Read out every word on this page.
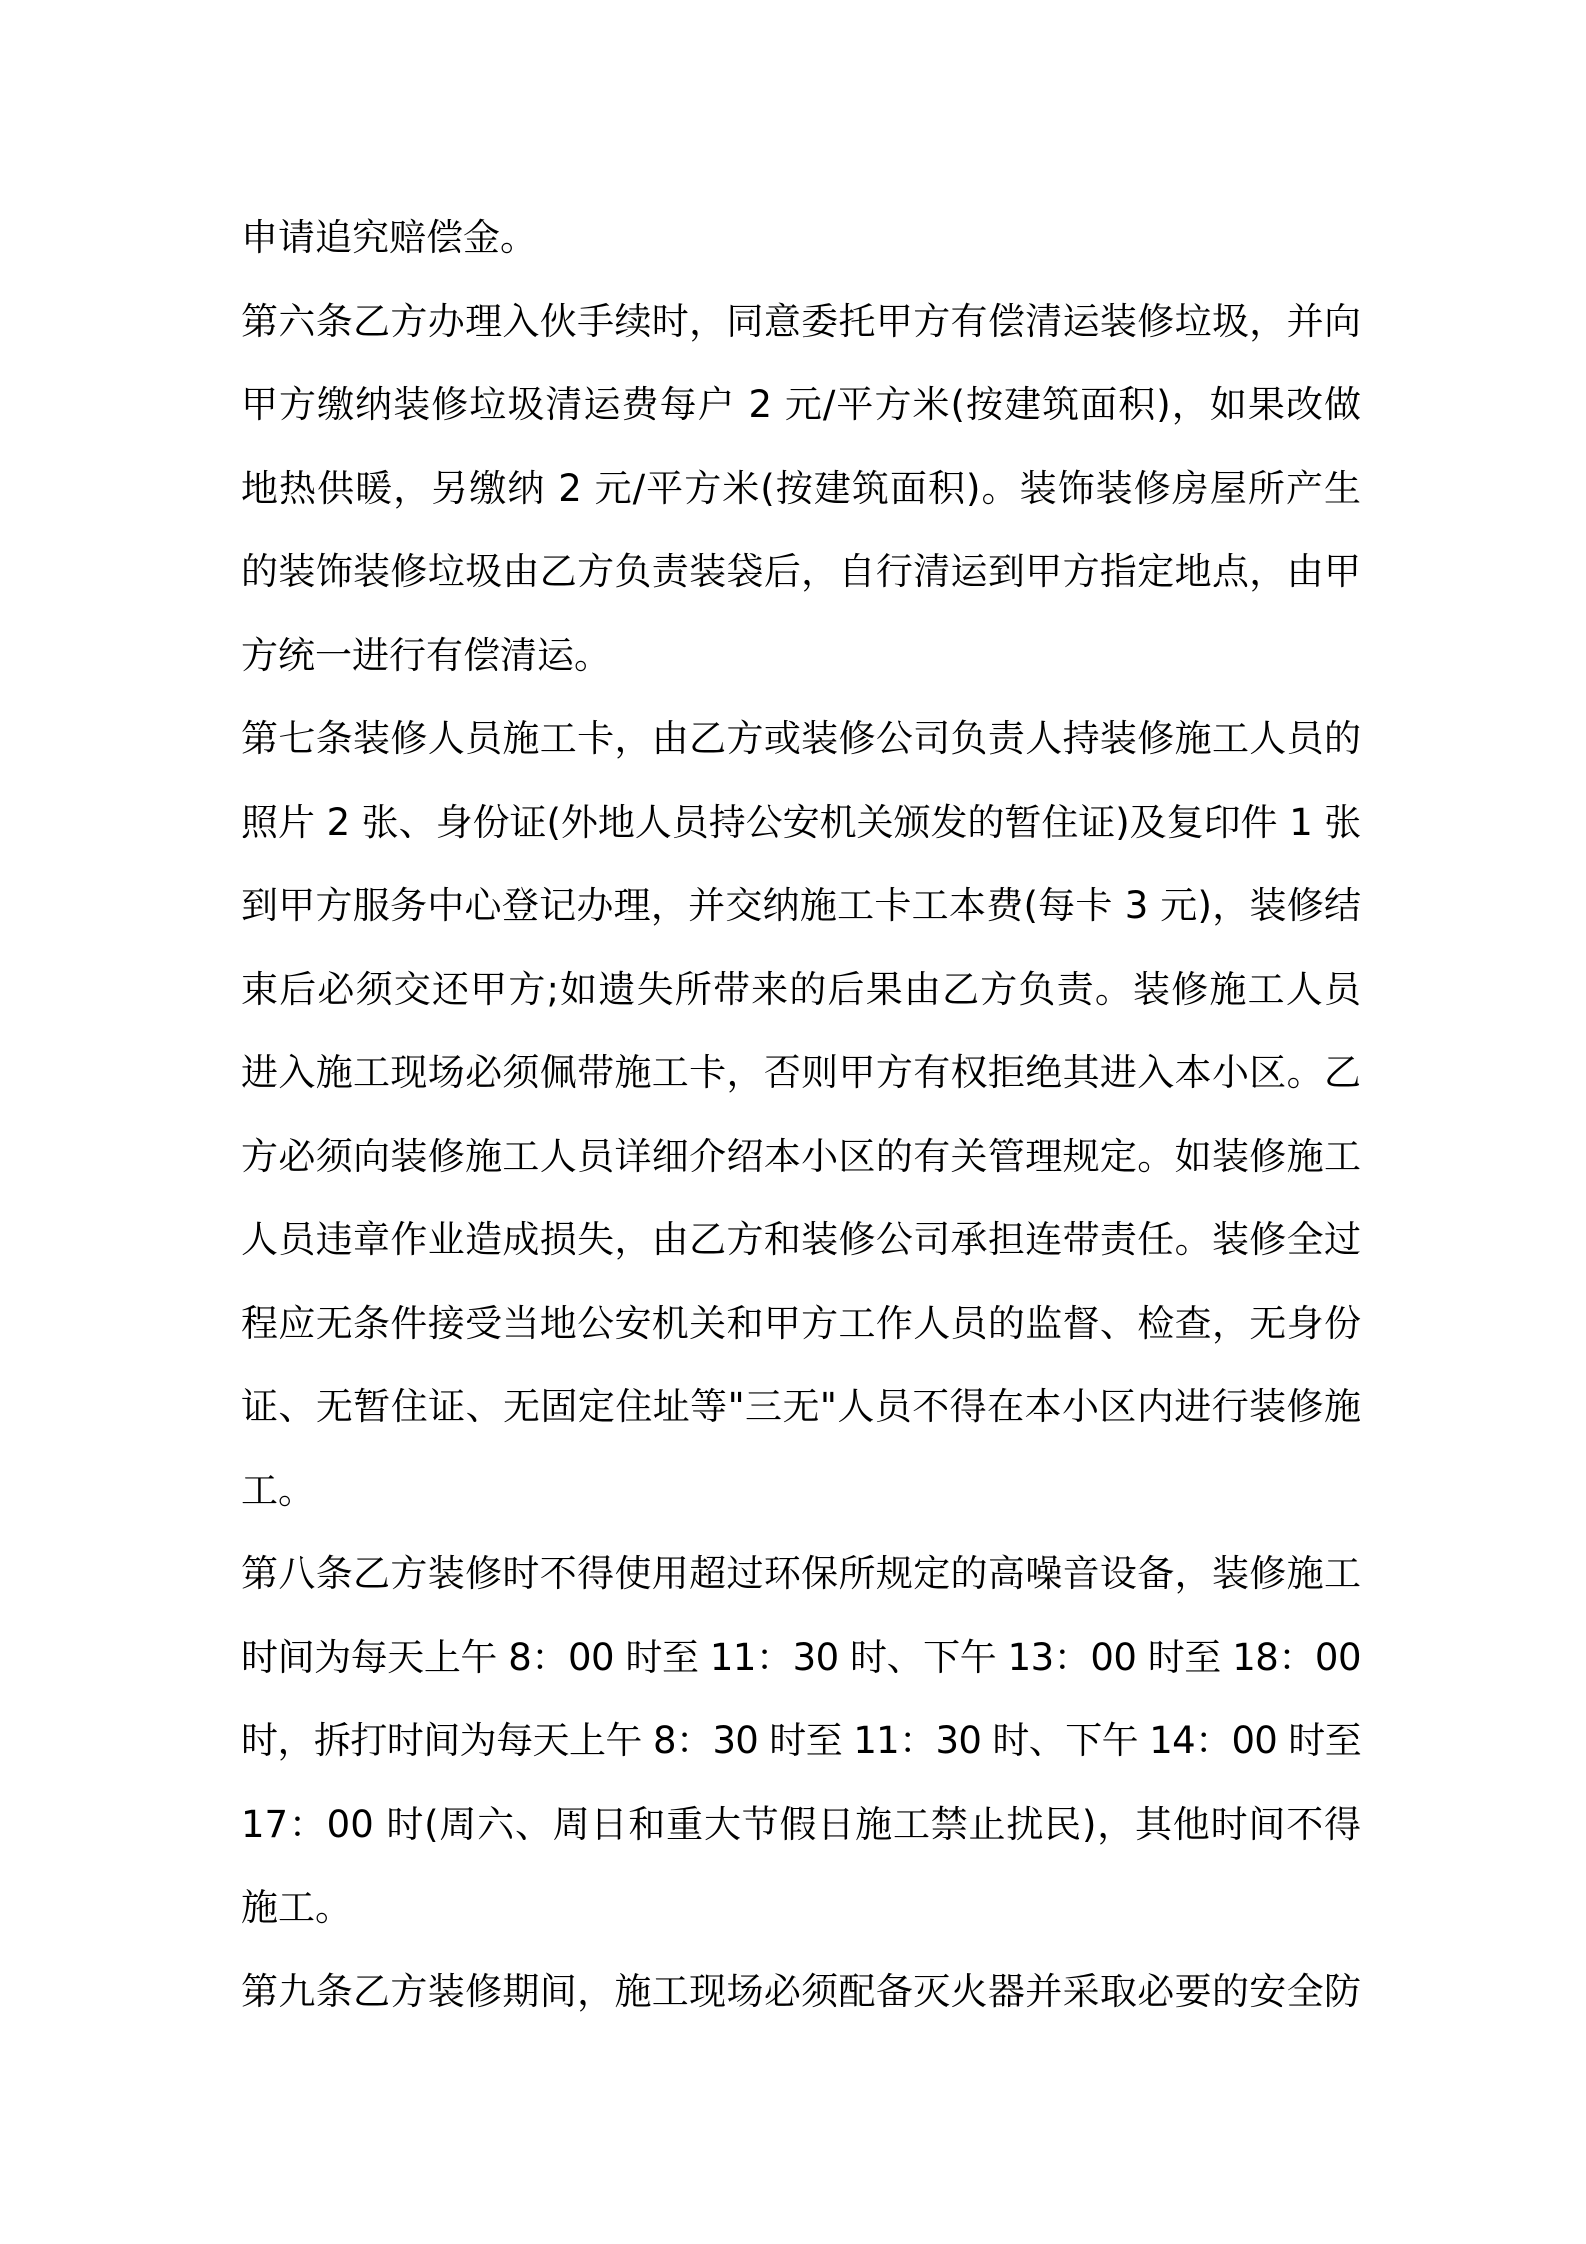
申请追究赔偿金。
第六条乙方办理入伙手续时，同意委托甲方有偿清运装修垃圾，并向
甲方缴纳装修垃圾清运费每户 2 元/平方米(按建筑面积)，如果改做
地热供暖，另缴纳 2 元/平方米(按建筑面积)。装饰装修房屋所产生
的装饰装修垃圾由乙方负责装袋后，自行清运到甲方指定地点，由甲
方统一进行有偿清运。
第七条装修人员施工卡，由乙方或装修公司负责人持装修施工人员的
照片 2 张、身份证(外地人员持公安机关颁发的暂住证)及复印件 1 张
到甲方服务中心登记办理，并交纳施工卡工本费(每卡 3 元)，装修结
束后必须交还甲方;如遗失所带来的后果由乙方负责。装修施工人员
进入施工现场必须佩带施工卡，否则甲方有权拒绝其进入本小区。乙
方必须向装修施工人员详细介绍本小区的有关管理规定。如装修施工
人员违章作业造成损失，由乙方和装修公司承担连带责任。装修全过
程应无条件接受当地公安机关和甲方工作人员的监督、检查，无身份
证、无暂住证、无固定住址等"三无"人员不得在本小区内进行装修施
工。
第八条乙方装修时不得使用超过环保所规定的高噪音设备，装修施工
时间为每天上午 8：00 时至 11：30 时、下午 13：00 时至 18：00
时，拆打时间为每天上午 8：30 时至 11：30 时、下午 14：00 时至
17：00 时(周六、周日和重大节假日施工禁止扰民)，其他时间不得
施工。
第九条乙方装修期间，施工现场必须配备灭火器并采取必要的安全防
